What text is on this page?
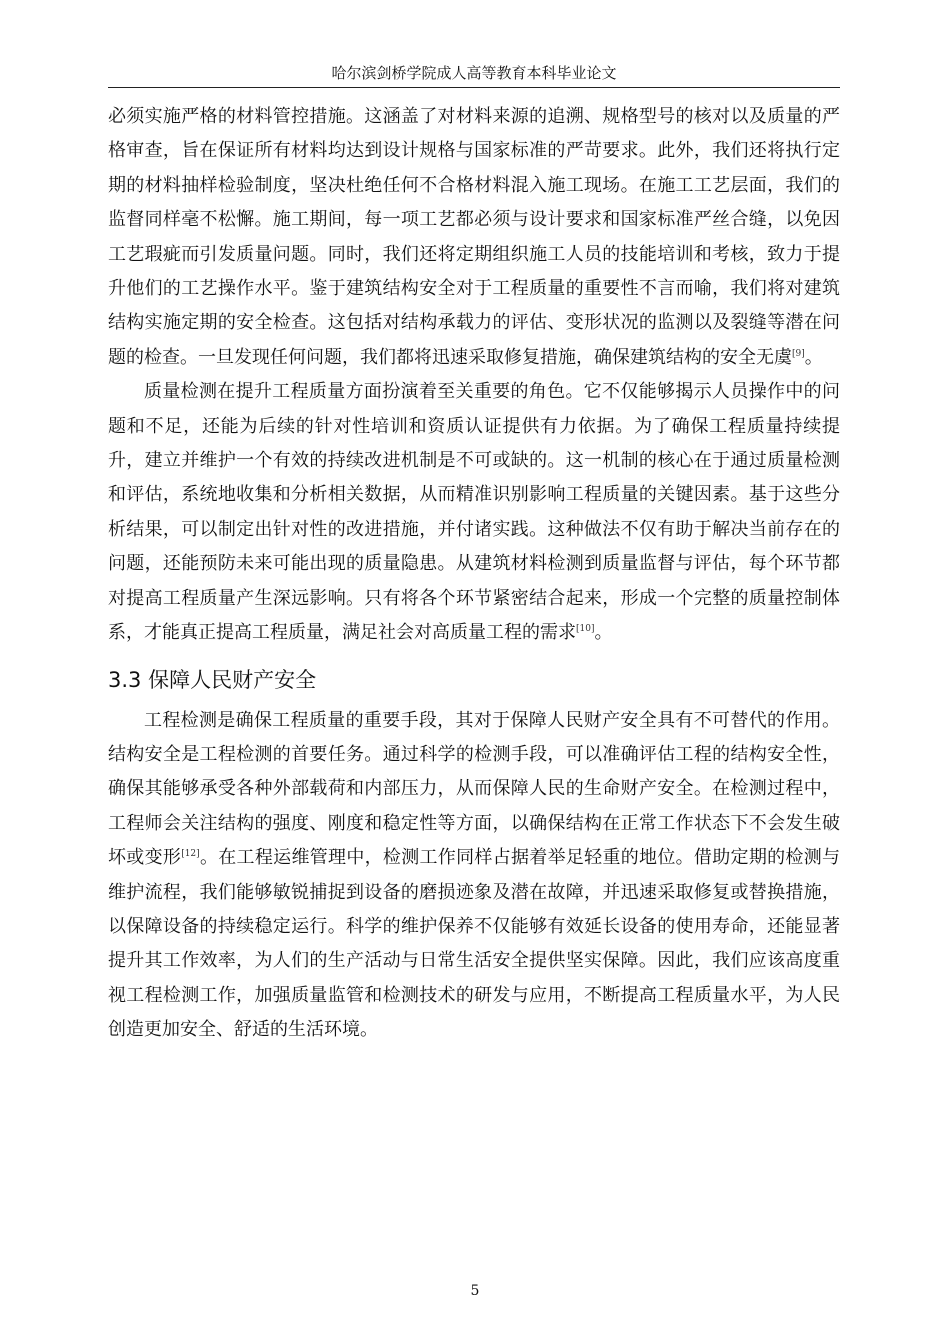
哈尔滨剑桥学院成人高等教育本科毕业论文

必须实施严格的材料管控措施。这涵盖了对材料来源的追溯、规格型号的核对以及质量的严格审查，旨在保证所有材料均达到设计规格与国家标准的严苛要求。此外，我们还将执行定期的材料抽样检验制度，坚决杜绝任何不合格材料混入施工现场。在施工工艺层面，我们的监督同样毫不松懈。施工期间，每一项工艺都必须与设计要求和国家标准严丝合缝，以免因工艺瑕疵而引发质量问题。同时，我们还将定期组织施工人员的技能培训和考核，致力于提升他们的工艺操作水平。鉴于建筑结构安全对于工程质量的重要性不言而喻，我们将对建筑结构实施定期的安全检查。这包括对结构承载力的评估、变形状况的监测以及裂缝等潜在问题的检查。一旦发现任何问题，我们都将迅速采取修复措施，确保建筑结构的安全无虞[9]。

质量检测在提升工程质量方面扮演着至关重要的角色。它不仅能够揭示人员操作中的问题和不足，还能为后续的针对性培训和资质认证提供有力依据。为了确保工程质量持续提升，建立并维护一个有效的持续改进机制是不可或缺的。这一机制的核心在于通过质量检测和评估，系统地收集和分析相关数据，从而精准识别影响工程质量的关键因素。基于这些分析结果，可以制定出针对性的改进措施，并付诸实践。这种做法不仅有助于解决当前存在的问题，还能预防未来可能出现的质量隐患。从建筑材料检测到质量监督与评估，每个环节都对提高工程质量产生深远影响。只有将各个环节紧密结合起来，形成一个完整的质量控制体系，才能真正提高工程质量，满足社会对高质量工程的需求[10]。

3.3 保障人民财产安全

工程检测是确保工程质量的重要手段，其对于保障人民财产安全具有不可替代的作用。结构安全是工程检测的首要任务。通过科学的检测手段，可以准确评估工程的结构安全性，确保其能够承受各种外部载荷和内部压力，从而保障人民的生命财产安全。在检测过程中，工程师会关注结构的强度、刚度和稳定性等方面，以确保结构在正常工作状态下不会发生破坏或变形[12]。在工程运维管理中，检测工作同样占据着举足轻重的地位。借助定期的检测与维护流程，我们能够敏锐捕捉到设备的磨损迹象及潜在故障，并迅速采取修复或替换措施，以保障设备的持续稳定运行。科学的维护保养不仅能够有效延长设备的使用寿命，还能显著提升其工作效率，为人们的生产活动与日常生活安全提供坚实保障。因此，我们应该高度重视工程检测工作，加强质量监管和检测技术的研发与应用，不断提高工程质量水平，为人民创造更加安全、舒适的生活环境。

5
